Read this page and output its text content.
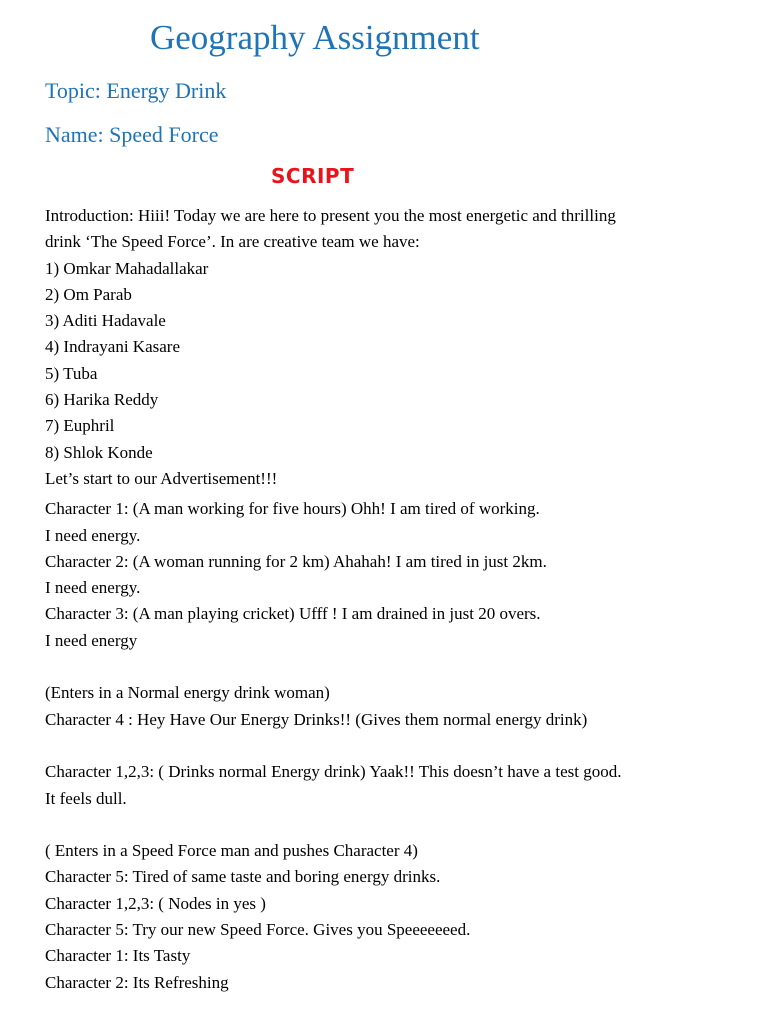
Geography Assignment
Topic: Energy Drink
Name: Speed Force
SCRIPT
Introduction: Hiii! Today we are here to present you the most energetic and thrilling
drink ‘The Speed Force’. In are creative team we have:
1) Omkar Mahadallakar
2) Om Parab
3) Aditi Hadavale
4) Indrayani Kasare
5) Tuba
6) Harika Reddy
7) Euphril
8) Shlok Konde
Let’s start to our Advertisement!!!
Character 1: (A man working for five hours) Ohh! I am tired of working.
I need energy.
Character 2: (A woman running for 2 km) Ahahah! I am tired in just 2km.
I need energy.
Character 3: (A man playing cricket) Ufff ! I am drained in just 20 overs.
I need energy
(Enters in a Normal energy drink woman)
Character 4 : Hey Have Our Energy Drinks!! (Gives them normal energy drink)
Character 1,2,3: ( Drinks normal Energy drink) Yaak!! This doesn’t have a test good.
It feels dull.
( Enters in a Speed Force man and pushes Character 4)
Character 5: Tired of same taste and boring energy drinks.
Character 1,2,3: ( Nodes in yes )
Character 5: Try our new Speed Force. Gives you Speeeeeeed.
Character 1: Its Tasty
Character 2: Its Refreshing
